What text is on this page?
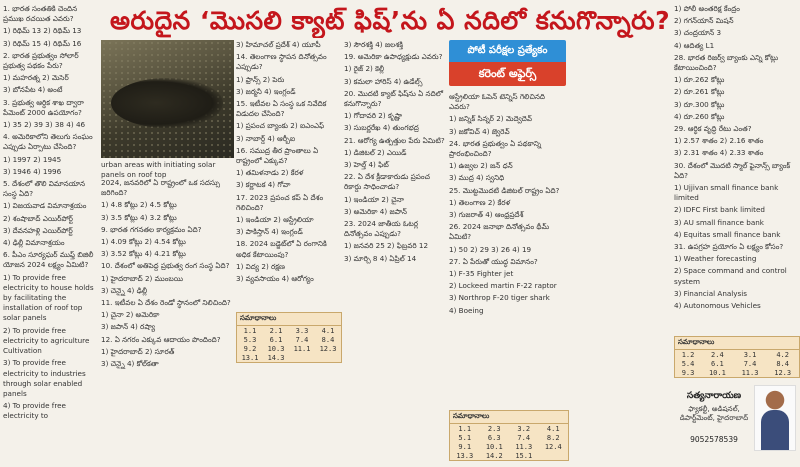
అరుదైన ‘మొసలి క్యాట్ ఫిష్’ను ఏ నదిలో కనుగొన్నారు?
urban areas with initiating solar panels on roof top
పోటీ పరీక్షల ప్రత్యేకం
కరెంట్ అఫైర్స్

1. భారత సంతతికి చెందిన ప్రముఖ రచయిత ఎవరు?

1) రిథిమ్ 13 2) రిథిమ్ 13

3) రిథిమ్ 15 4) రిథిమ్ 16

2. భారత ప్రభుత్వం సోలార్ ప్రభుత్వ పథకం పేరు?

1) మహరత్న 2) మెసెర్

3) బోనపేట 4) అంటే

3. ప్రభుత్వ ఆర్థిక శాఖ ద్వారా పేమెంట్ 2000 ఉపయోగం?

1) 35 2) 39 3) 38 4) 46

4. అమెరికాలోని తెలుగు సంఘం ఎప్పుడు ఏర్పాటు చేసింది?

1) 1997 2) 1945

3) 1946 4) 1996

5. దేశంలో తొలి విమానయాన సంస్థ ఏది?

1) విజయవాడ విమానాశ్రయం

2) శంషాబాద్ ఎయిర్‌పోర్ట్

3) దేవనహళ్లి ఎయిర్‌పోర్ట్

4) ఢిల్లీ విమానాశ్రయం

6. పీఎం సూర్యఘర్ ముఫ్త్ బిజిలీ యోజన 2024 లక్ష్యం ఏమిటి?

1) To provide free electricity to house holds by facilitating the installation of roof top solar panels

2) To provide free electricity to agriculture Cultivation

3) To provide free electricity to industries through solar enabled panels

4) To provide free electricity to

2024, జనవరిలో ఏ రాష్ట్రంలో ఒక సదస్సు జరిగింది?

1) 4.8 కోట్లు 2) 4.5 కోట్లు

3) 3.5 కోట్లు 4) 3.2 కోట్లు

9. భారత గగనతల కార్యక్రమం ఏది?

1) 4.09 కోట్లు 2) 4.54 కోట్లు

3) 3.52 కోట్లు 4) 4.21 కోట్లు

10. దేశంలో అతిపెద్ద ప్రభుత్వ రంగ సంస్థ ఏది?

1) హైదరాబాద్ 2) ముంబయి

3) చెన్నై 4) ఢిల్లీ

11. ఇటీవల ఏ దేశం రెండో స్థానంలో నిలిచింది?

1) చైనా 2) అమెరికా

3) జపాన్ 4) రష్యా

12. ఏ నగరం ఎక్కువ ఆదాయం పొందింది?

1) హైదరాబాద్ 2) సూరత్

3) చెన్నై 4) కోల్‌కతా

3) హిమాచల్ ప్రదేశ్ 4) యూపీ

14. తెలంగాణ స్థాపన దినోత్సవం ఎప్పుడు?

1) ఫ్రాన్స్ 2) పెరు

3) జర్మనీ 4) ఇంగ్లండ్

15. ఇటీవల ఏ సంస్థ ఒక నివేదిక విడుదల చేసింది?

1) ప్రపంచ బ్యాంకు 2) ఐఎంఎఫ్

3) నాబార్డ్ 4) ఆర్బీఐ

16. సముద్ర తీర ప్రాంతాలు ఏ రాష్ట్రంలో ఎక్కువ?

1) తమిళనాడు 2) కేరళ

3) కర్ణాటక 4) గోవా

17. 2023 ప్రపంచ కప్ ఏ దేశం గెలిచింది?

1) ఇండియా 2) ఆస్ట్రేలియా

3) పాకిస్తాన్ 4) ఇంగ్లండ్

18. 2024 బడ్జెట్‌లో ఏ రంగానికి అధిక కేటాయింపు?

1) విద్య 2) రక్షణ

3) వ్యవసాయం 4) ఆరోగ్యం

3) సౌరశక్తి 4) జలశక్తి

19. అమెరికా ఉపాధ్యక్షుడు ఎవరు?

1) రైజ్ 2) కెల్లీ

3) కమలా హారిస్ 4) ఉడేల్స్

20. మొదటి క్యాట్ ఫిష్‌ను ఏ నదిలో కనుగొన్నారు?

1) గోదావరి 2) కృష్ణా

3) సుబర్ణరేఖ 4) తుంగభద్ర

21. ఆరోగ్య ఉత్పత్తుల పేరు ఏమిటి?

1) డిజిటల్ 2) ఎయిడ్

3) హెల్త్ 4) ఫిట్

22. ఏ దేశ క్రీడాకారుడు ప్రపంచ రికార్డు సాధించాడు?

1) ఇండియా 2) చైనా

3) అమెరికా 4) జపాన్

23. 2024 జాతీయ ఓటర్ల దినోత్సవం ఎప్పుడు?

1) జనవరి 25 2) ఫిబ్రవరి 12

3) మార్చి 8 4) ఏప్రిల్ 14

ఆస్ట్రేలియా ఓపెన్ టెన్నిస్ గెలిచినది ఎవరు?

1) జన్నిక్ సిన్నర్ 2) మెద్వెదెవ్

3) జకోవిచ్ 4) జ్వెరెవ్

24. భారత ప్రభుత్వం ఏ పథకాన్ని ప్రారంభించింది?

1) ఉజ్వల 2) జన్ ధన్

3) ముద్ర 4) స్వనిధి

25. మొట్టమొదటి డిజిటల్ రాష్ట్రం ఏది?

1) తెలంగాణ 2) కేరళ

3) గుజరాత్ 4) ఆంధ్రప్రదేశ్

26. 2024 జనాభా దినోత్సవం థీమ్ ఏమిటి?

1) 50 2) 29 3) 26 4) 19

27. ఏ పేరుతో యుద్ధ విమానం?

1) F-35 Fighter jet

2) Lockeed martin F-22 raptor

3) Northrop F-20 tiger shark

4) Boeing

1) పోలీ అంతరిక్ష కేంద్రం

2) గగన్‌యాన్ మిషన్

3) చంద్రయాన్ 3

4) ఆదిత్య L1

28. భారత రిజర్వ్ బ్యాంకు ఎన్ని కోట్లు కేటాయించింది?

1) రూ.262 కోట్లు

2) రూ.261 కోట్లు

3) రూ.300 కోట్లు

4) రూ.260 కోట్లు

29. ఆర్థిక వృద్ధి రేటు ఎంత?

1) 2.57 శాతం 2) 2.16 శాతం

3) 2.31 శాతం 4) 2.33 శాతం

30. దేశంలో మొదటి స్మాల్ ఫైనాన్స్ బ్యాంక్ ఏది?

1) Ujjivan small finance bank limited

2) IDFC First bank limited

3) AU small finance bank

4) Equitas small finance bank

31. ఉపగ్రహ ప్రయోగం ఏ లక్ష్యం కోసం?

1) Weather forecasting

2) Space command and control system

3) Financial Analysis

4) Autonomous Vehicles

సమాధానాలు
1.1	2.1	3.3	4.1
5.3	6.1	7.4	8.4
9.2	10.3	11.1	12.3
13.1	14.3		
సమాధానాలు
1.1	2.3	3.2	4.1
5.1	6.3	7.4	8.2
9.1	10.1	11.3	12.4
13.3	14.2	15.1	
సమాధానాలు
1.2	2.4	3.1	4.2
5.4	6.1	7.4	8.4
9.3	10.1	11.3	12.3
సత్యనారాయణ
ఫ్యాకల్టీ, అడిషనల్, డిపార్ట్‌మెంట్, హైదరాబాద్
9052578539
